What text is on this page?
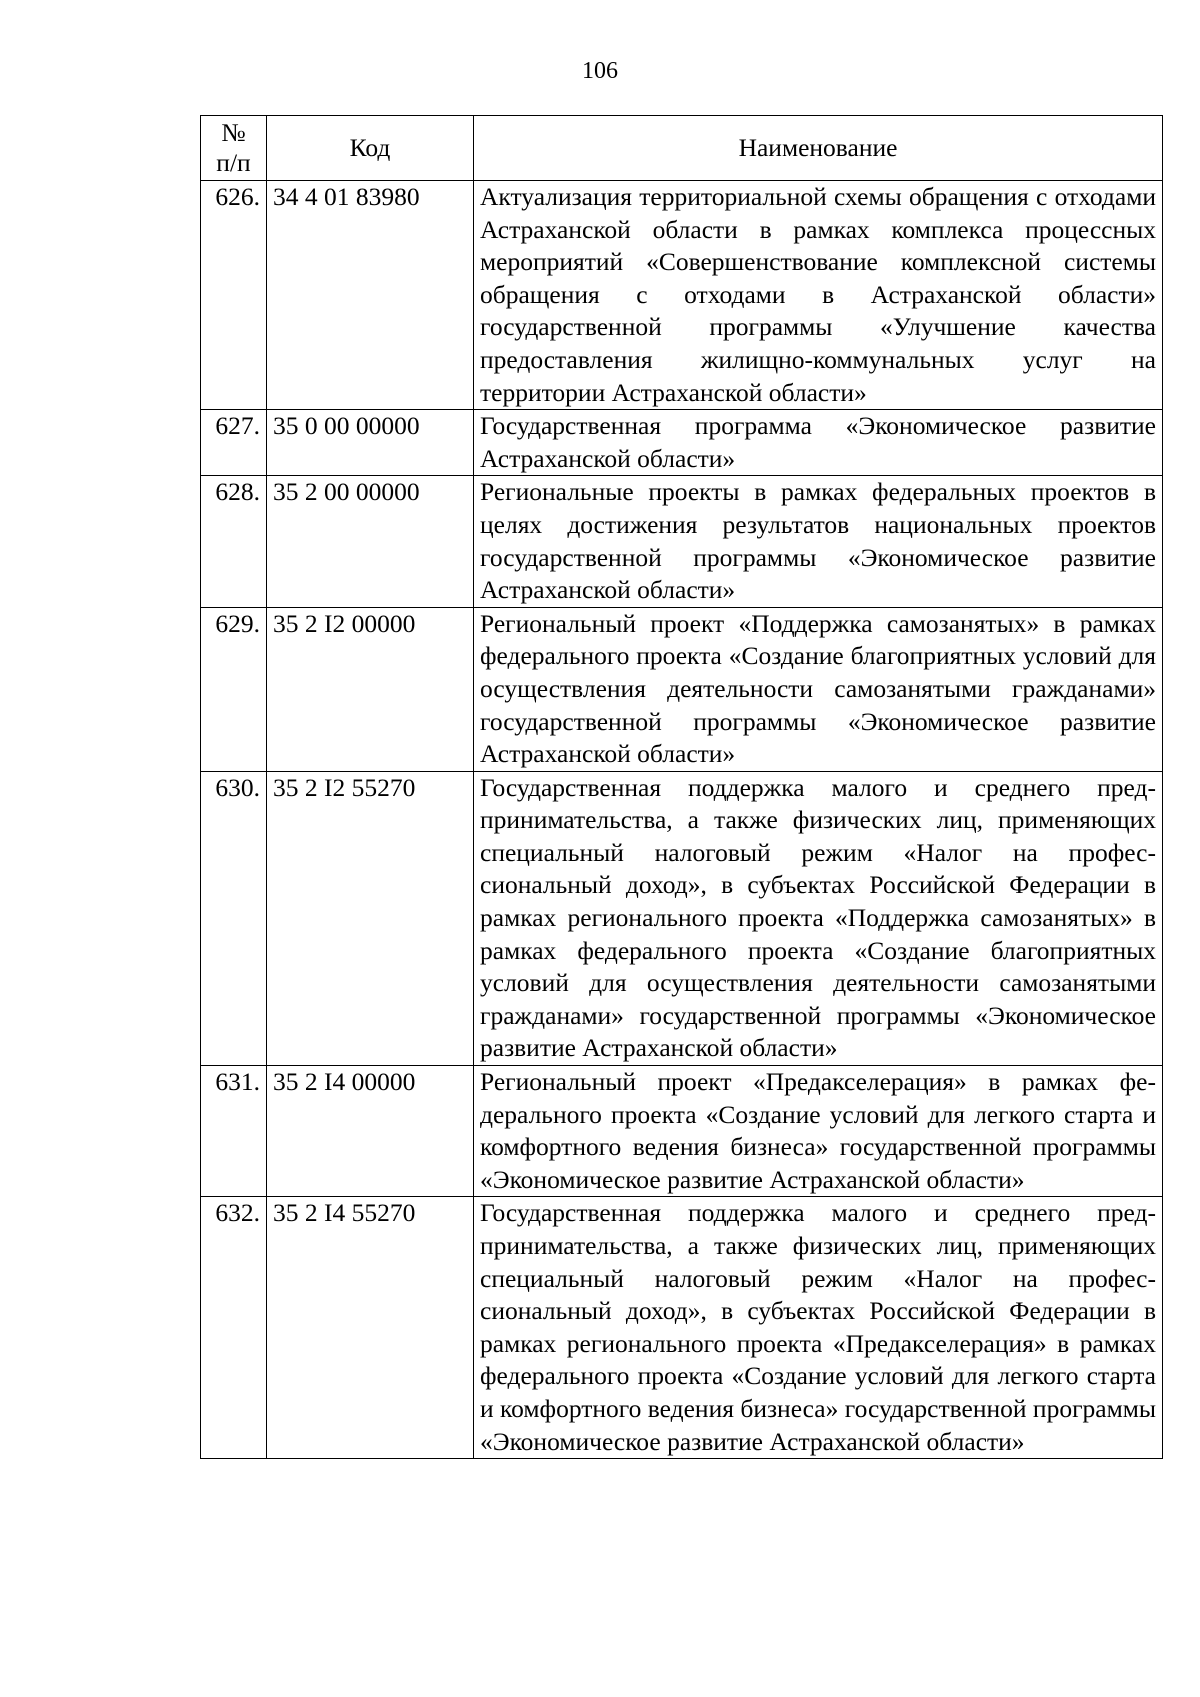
106
№
п/п	Код	Наименование
626.	34 4 01 83980	Актуализация территориальной схемы обращения с отходами Астраханской области в рамках комплекса процессных мероприятий «Совершенствование комплексной системы обращения с отходами в Астраханской области» государственной программы «Улучшение качества предоставления жилищно-коммунальных услуг на территории Астраханской области»
627.	35 0 00 00000	Государственная программа «Экономическое развитие Астраханской области»
628.	35 2 00 00000	Региональные проекты в рамках федеральных проектов в целях достижения результатов национальных проектов государственной программы «Экономическое развитие Астраханской области»
629.	35 2 I2 00000	Региональный проект «Поддержка самозанятых» в рамках федерального проекта «Создание благоприятных условий для осуществления деятельности самозанятыми гражданами» государственной программы «Экономическое развитие Астраханской области»
630.	35 2 I2 55270	Государственная поддержка малого и среднего предпринимательства, а также физических лиц, применяющих специальный налоговый режим «Налог на профессиональный доход», в субъектах Российской Федерации в рамках регионального проекта «Поддержка самозанятых» в рамках федерального проекта «Создание благоприятных условий для осуществления деятельности самозанятыми гражданами» государственной программы «Экономическое развитие Астраханской области»
631.	35 2 I4 00000	Региональный проект «Предакселерация» в рамках федерального проекта «Создание условий для легкого старта и комфортного ведения бизнеса» государственной программы «Экономическое развитие Астраханской области»
632.	35 2 I4 55270	Государственная поддержка малого и среднего предпринимательства, а также физических лиц, применяющих специальный налоговый режим «Налог на профессиональный доход», в субъектах Российской Федерации в рамках регионального проекта «Предакселерация» в рамках федерального проекта «Создание условий для легкого старта и комфортного ведения бизнеса» государственной программы «Экономическое развитие Астраханской области»
